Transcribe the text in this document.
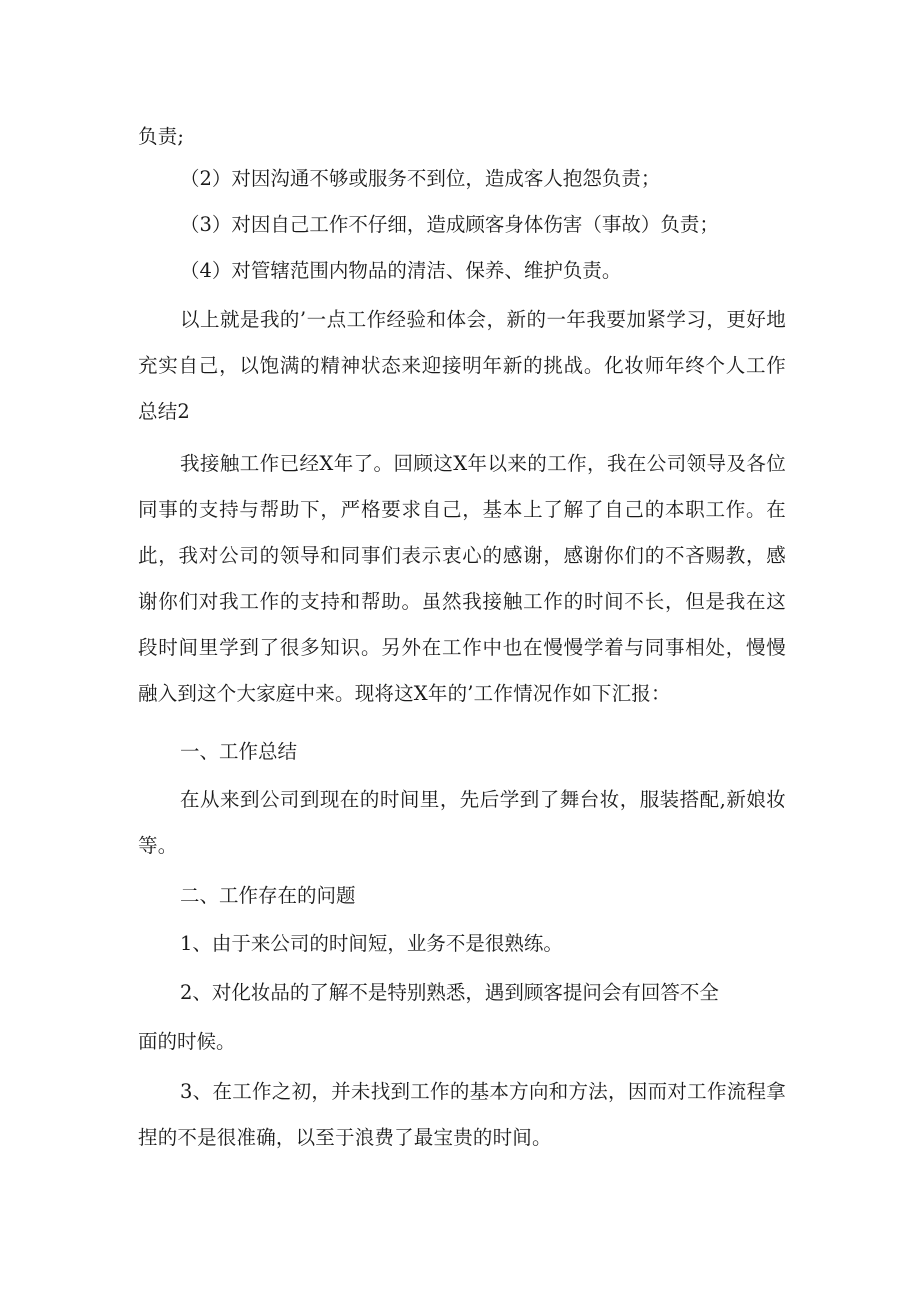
负责;

（2）对因沟通不够或服务不到位，造成客人抱怨负责；

（3）对因自己工作不仔细，造成顾客身体伤害（事故）负责；

（4）对管辖范围内物品的清洁、保养、维护负责。

以上就是我的’一点工作经验和体会，新的一年我要加紧学习，更好地充实自己，以饱满的精神状态来迎接明年新的挑战。化妆师年终个人工作总结2

我接触工作已经X年了。回顾这X年以来的工作，我在公司领导及各位同事的支持与帮助下，严格要求自己，基本上了解了自己的本职工作。在此，我对公司的领导和同事们表示衷心的感谢，感谢你们的不吝赐教，感谢你们对我工作的支持和帮助。虽然我接触工作的时间不长，但是我在这段时间里学到了很多知识。另外在工作中也在慢慢学着与同事相处，慢慢融入到这个大家庭中来。现将这X年的’工作情况作如下汇报：

一、工作总结

在从来到公司到现在的时间里，先后学到了舞台妆，服装搭配,新娘妆等。

二、工作存在的问题

1、由于来公司的时间短，业务不是很熟练。

2、对化妆品的了解不是特别熟悉，遇到顾客提问会有回答不全

面的时候。

3、在工作之初，并未找到工作的基本方向和方法，因而对工作流程拿捏的不是很准确，以至于浪费了最宝贵的时间。
